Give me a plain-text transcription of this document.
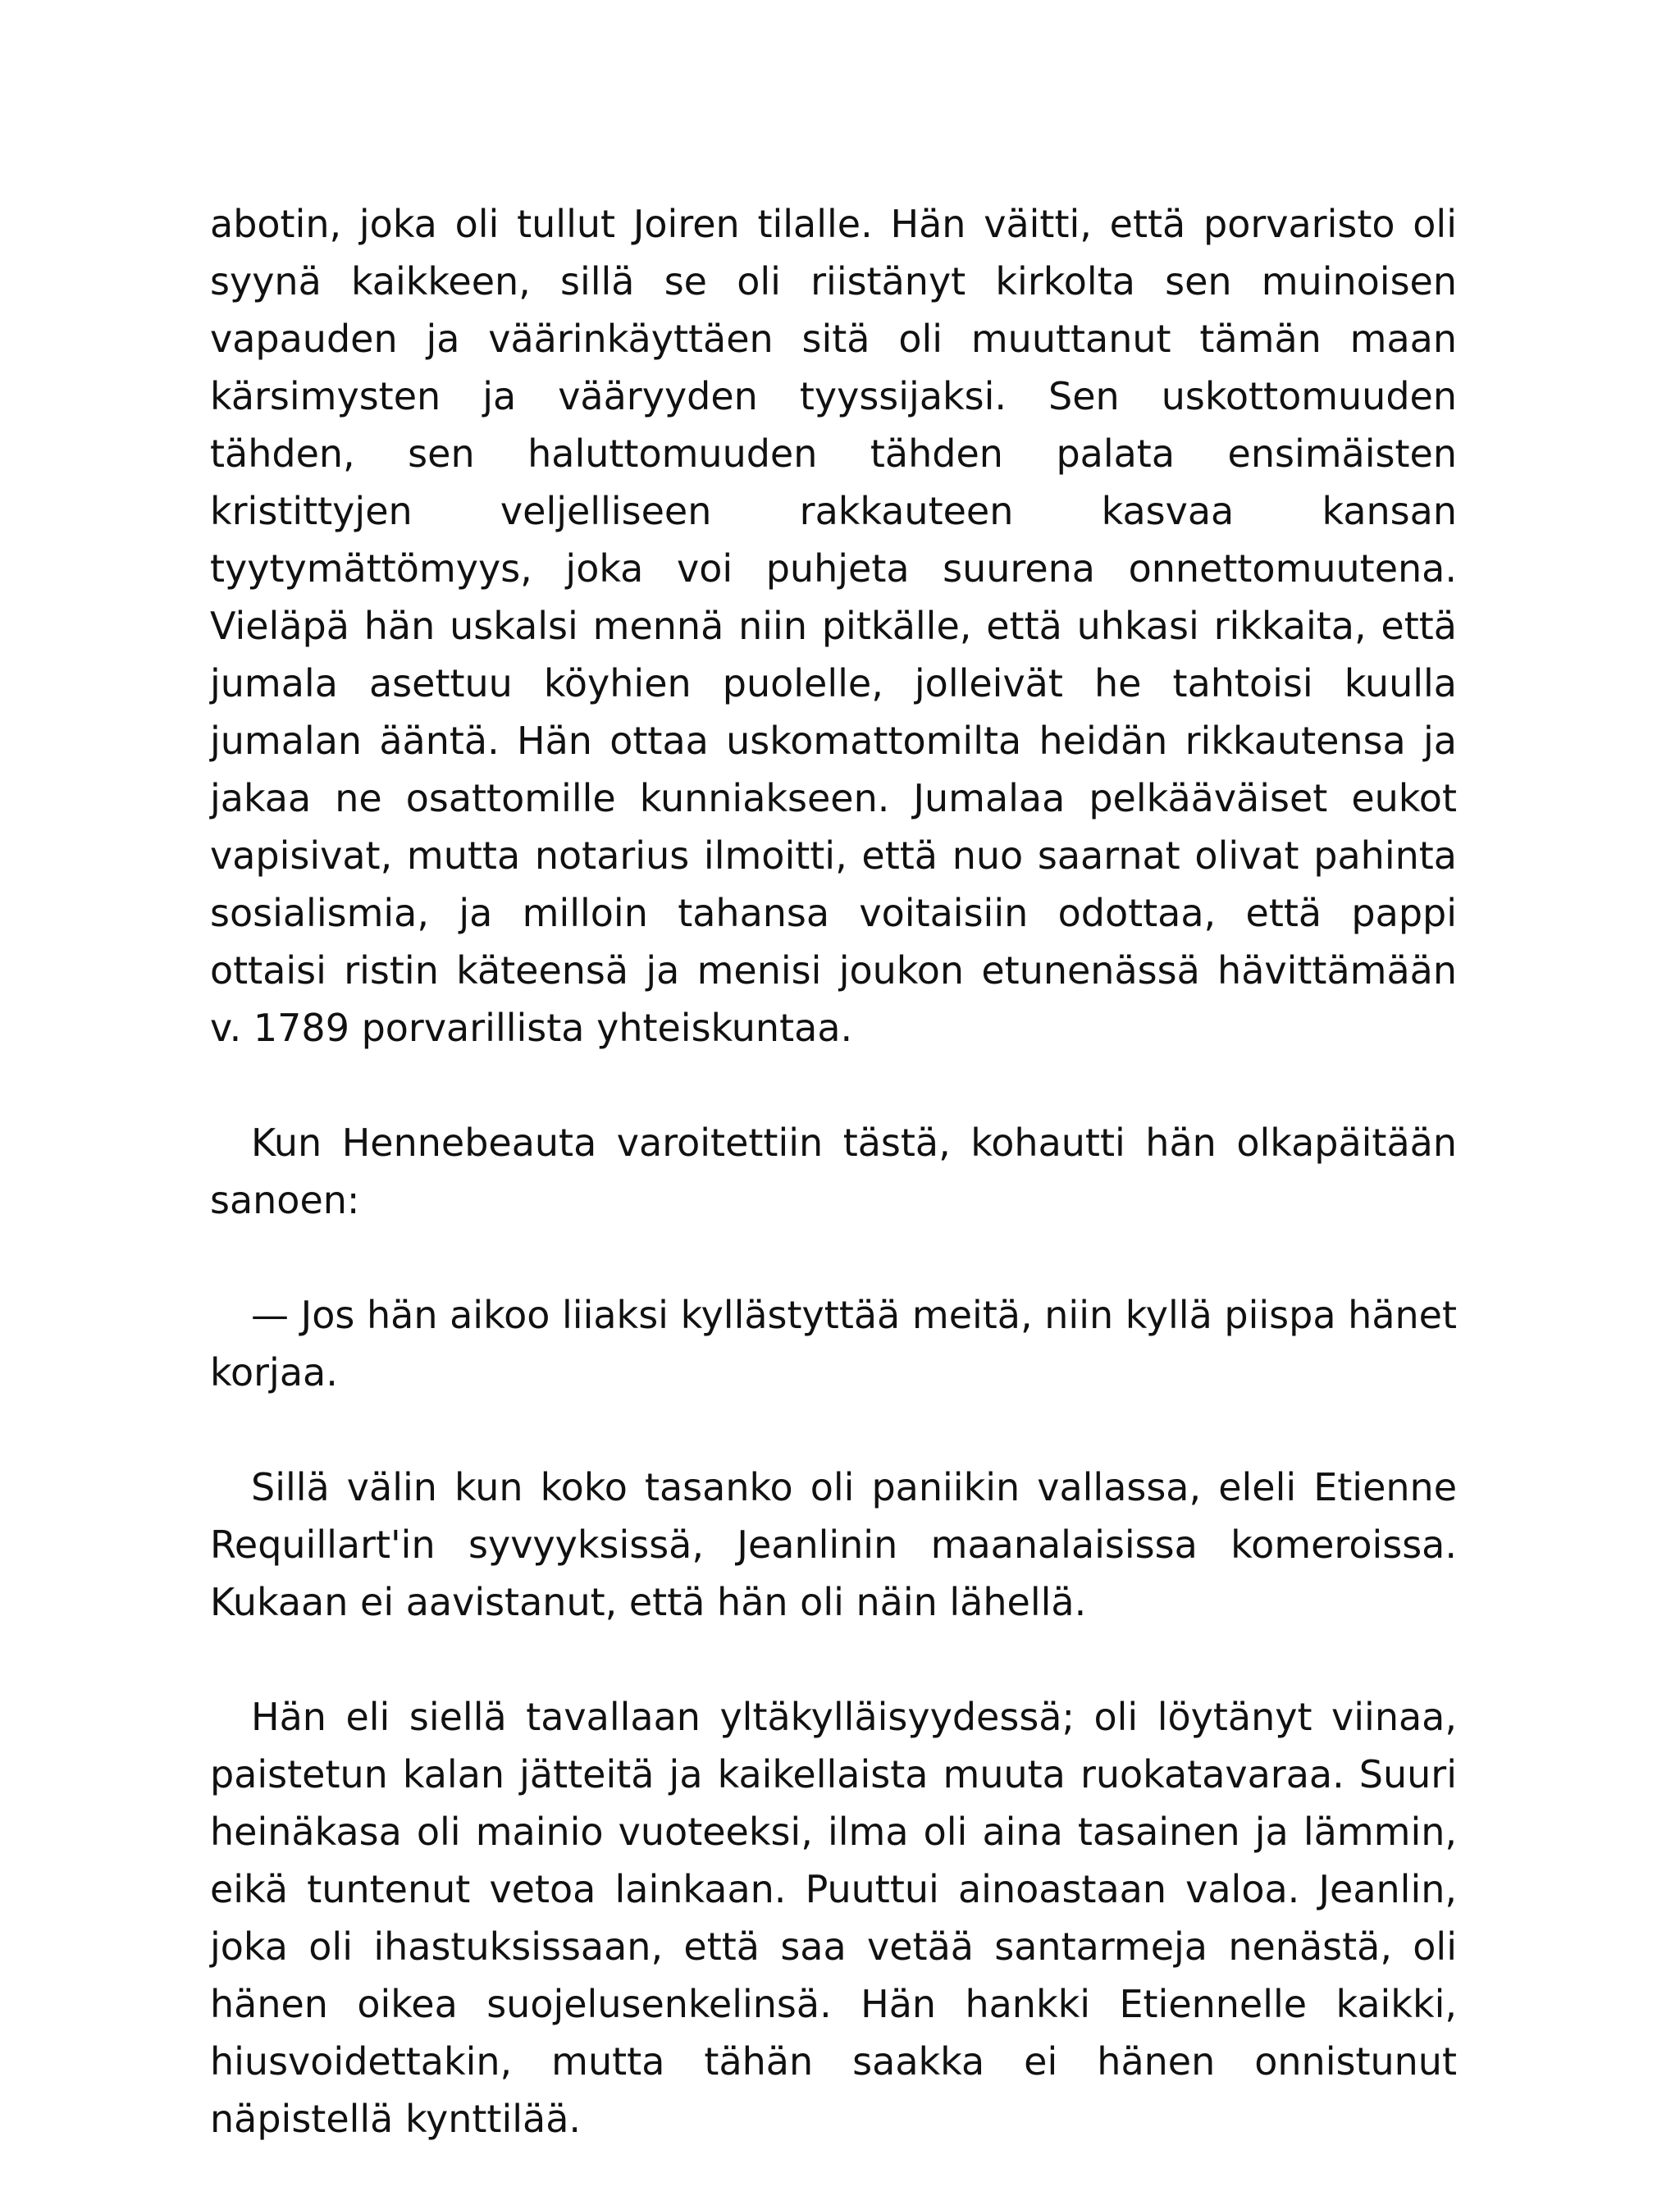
abotin, joka oli tullut Joiren tilalle. Hän väitti, että porvaristo oli syynä kaikkeen, sillä se oli riistänyt kirkolta sen muinoisen vapauden ja väärinkäyttäen sitä oli muuttanut tämän maan kärsimysten ja vääryyden tyyssijaksi. Sen uskottomuuden tähden, sen haluttomuuden tähden palata ensimäisten kristittyjen veljelliseen rakkauteen kasvaa kansan tyytymättömyys, joka voi puhjeta suurena onnettomuutena. Vieläpä hän uskalsi mennä niin pitkälle, että uhkasi rikkaita, että jumala asettuu köyhien puolelle, jolleivät he tahtoisi kuulla jumalan ääntä. Hän ottaa uskomattomilta heidän rikkautensa ja jakaa ne osattomille kunniakseen. Jumalaa pelkääväiset eukot vapisivat, mutta notarius ilmoitti, että nuo saarnat olivat pahinta sosialismia, ja milloin tahansa voitaisiin odottaa, että pappi ottaisi ristin käteensä ja menisi joukon etunenässä hävittämään v. 1789 porvarillista yhteiskuntaa.

Kun Hennebeauta varoitettiin tästä, kohautti hän olkapäitään sanoen:

— Jos hän aikoo liiaksi kyllästyttää meitä, niin kyllä piispa hänet korjaa.

Sillä välin kun koko tasanko oli paniikin vallassa, eleli Etienne Requillart'in syvyyksissä, Jeanlinin maanalaisissa komeroissa. Kukaan ei aavistanut, että hän oli näin lähellä.

Hän eli siellä tavallaan yltäkylläisyydessä; oli löytänyt viinaa, paistetun kalan jätteitä ja kaikellaista muuta ruokatavaraa. Suuri heinäkasa oli mainio vuoteeksi, ilma oli aina tasainen ja lämmin, eikä tuntenut vetoa lainkaan. Puuttui ainoastaan valoa. Jeanlin, joka oli ihastuksissaan, että saa vetää santarmeja nenästä, oli hänen oikea suojelusenkelinsä. Hän hankki Etiennelle kaikki, hiusvoidettakin, mutta tähän saakka ei hänen onnistunut näpistellä kynttilää.
